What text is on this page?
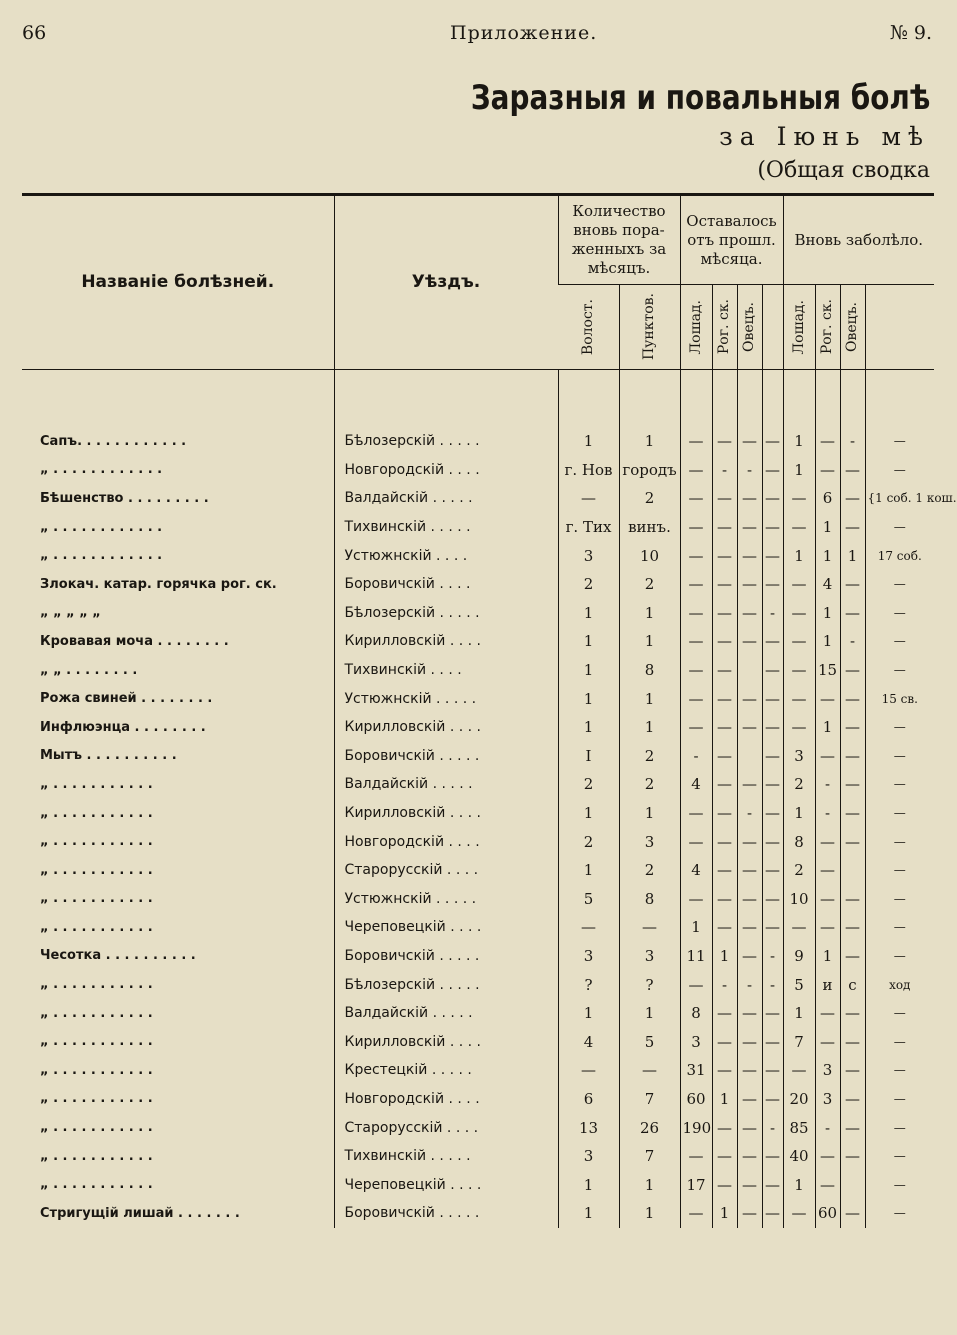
66	Приложение.	№ 9.
Заразныя и повальныя болѣ
за Iюнь мѣ
(Общая сводка
Названіе болѣзней.	Уѣздъ.	Количество вновь пора-женныхъ за мѣсяцъ.		Оставалось отъ прошл. мѣсяца.				Вновь заболѣло.			

		Волост.	Пунктов.	Лошад.	Рог. ск.	Овецъ.		Лошад.	Рог. ск.	Овецъ.	

Сапъ. . . . . . . . . . . .	Бѣлозерскій . . . . .	1	1	—	—	—	—	1	—	-	—
„ . . . . . . . . . . . .	Новгородскій . . . .	г. Нов	городъ	—	-	-	—	1	—	—	—
Бѣшенство . . . . . . . . .	Валдайскій . . . . .	—	2	—	—	—	—	—	6	—	{1 соб. 1 кош.
„ . . . . . . . . . . . .	Тихвинскій . . . . .	г. Тих	винъ.	—	—	—	—	—	1	—	—
„ . . . . . . . . . . . .	Устюжнскій . . . .	3	10	—	—	—	—	1	1	1	17 соб.
Злокач. катар. горячка рог. ск.	Боровичскій . . . .	2	2	—	—	—	—	—	4	—	—
„ „ „ „ „	Бѣлозерскій . . . . .	1	1	—	—	—	-	—	1	—	—
Кровавая моча . . . . . . . .	Кирилловскій . . . .	1	1	—	—	—	—	—	1	-	—
„ „ . . . . . . . .	Тихвинскій . . . .	1	8	—	—		—	—	15	—	—
Рожа свиней . . . . . . . .	Устюжнскій . . . . .	1	1	—	—	—	—	—	—	—	15 св.
Инфлюэнца . . . . . . . .	Кирилловскій . . . .	1	1	—	—	—	—	—	1	—	—
Мытъ . . . . . . . . . .	Боровичскій . . . . .	I	2	-	—		—	3	—	—	—
„ . . . . . . . . . . .	Валдайскій . . . . .	2	2	4	—	—	—	2	-	—	—
„ . . . . . . . . . . .	Кирилловскій . . . .	1	1	—	—	-	—	1	-	—	—
„ . . . . . . . . . . .	Новгородскій . . . .	2	3	—	—	—	—	8	—	—	—
„ . . . . . . . . . . .	Старорусскій . . . .	1	2	4	—	—	—	2	—		—
„ . . . . . . . . . . .	Устюжнскій . . . . .	5	8	—	—	—	—	10	—	—	—
„ . . . . . . . . . . .	Череповецкій . . . .	—	—	1	—	—	—	—	—	—	—
Чесотка . . . . . . . . . .	Боровичскій . . . . .	3	3	11	1	—	-	9	1	—	—
„ . . . . . . . . . . .	Бѣлозерскій . . . . .	?	?	—	-	-	-	5	и	с	ход
„ . . . . . . . . . . .	Валдайскій . . . . .	1	1	8	—	—	—	1	—	—	—
„ . . . . . . . . . . .	Кирилловскій . . . .	4	5	3	—	—	—	7	—	—	—
„ . . . . . . . . . . .	Крестецкій . . . . .	—	—	31	—	—	—	—	3	—	—
„ . . . . . . . . . . .	Новгородскій . . . .	6	7	60	1	—	—	20	3	—	—
„ . . . . . . . . . . .	Старорусскій . . . .	13	26	190	—	—	-	85	-	—	—
„ . . . . . . . . . . .	Тихвинскій . . . . .	3	7	—	—	—	—	40	—	—	—
„ . . . . . . . . . . .	Череповецкій . . . .	1	1	17	—	—	—	1	—		—
Стригущій лишай . . . . . . .	Боровичскій . . . . .	1	1	—	1	—	—	—	60	—	—
